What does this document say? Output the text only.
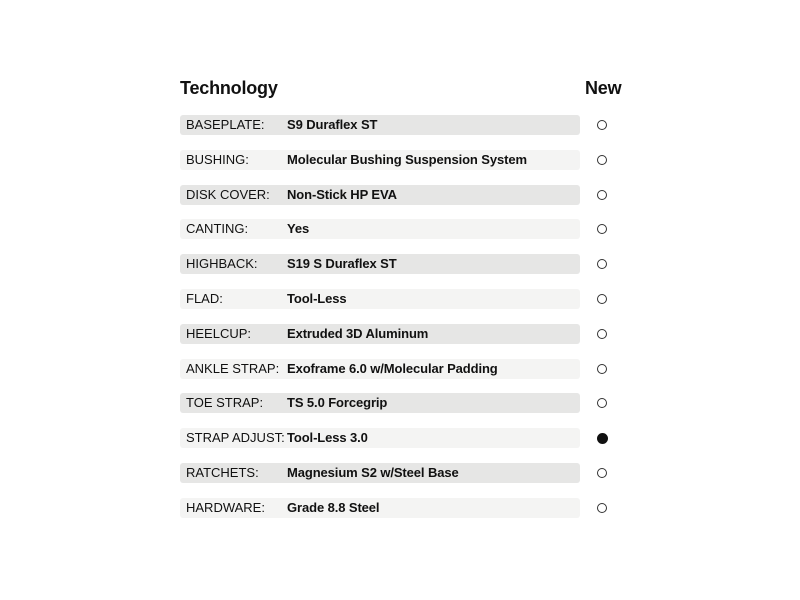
Technology	New
BASEPLATE: S9 Duraflex ST
BUSHING:	Molecular Bushing Suspension System
DISK COVER: Non-Stick HP EVA
CANTING:	Yes
HIGHBACK: S19 S Duraflex ST
FLAD:	Tool-Less
HEELCUP:	Extruded 3D Aluminum
ANKLE STRAP: Exoframe 6.0 w/Molecular Padding
TOE STRAP: TS 5.0 Forcegrip
STRAP ADJUST: Tool-Less 3.0
RATCHETS: Magnesium S2 w/Steel Base
HARDWARE: Grade 8.8 Steel
